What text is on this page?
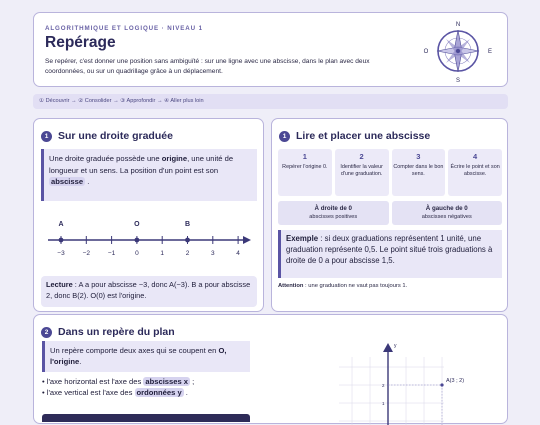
ALGORITHMIQUE ET LOGIQUE · NIVEAU 1
Repérage
Se repérer, c'est donner une position sans ambiguïté : sur une ligne avec une abscisse, dans le plan avec deux coordonnées, ou sur un quadrillage grâce à un déplacement.
N
S
E
O
① Découvrir → ② Consolider → ③ Approfondir → ④ Aller plus loin
1 Sur une droite graduée
Une droite graduée possède une origine, une unité de longueur et un sens. La position d'un point est son abscisse .
−3	−2	−1	0	1	2	3	4
A	O	B
Lecture : A a pour abscisse −3, donc A(−3). B a pour abscisse 2, donc B(2). O(0) est l'origine.
1 Lire et placer une abscisse
1
Repérer l'origine 0.
2
Identifier la valeur d'une graduation.
3
Compter dans le bon sens.
4
Écrire le point et son abscisse.
À droite de 0
abscisses positives
À gauche de 0
abscisses négatives
Exemple : si deux graduations représentent 1 unité, une graduation représente 0,5. Le point situé trois graduations à droite de 0 a pour abscisse 1,5.
Attention : une graduation ne vaut pas toujours 1.
2 Dans un repère du plan
Un repère comporte deux axes qui se coupent en O, l'origine.
• l'axe horizontal est l'axe des abscisses x ;
• l'axe vertical est l'axe des ordonnées y .
y
2
1
A(3 ; 2)
